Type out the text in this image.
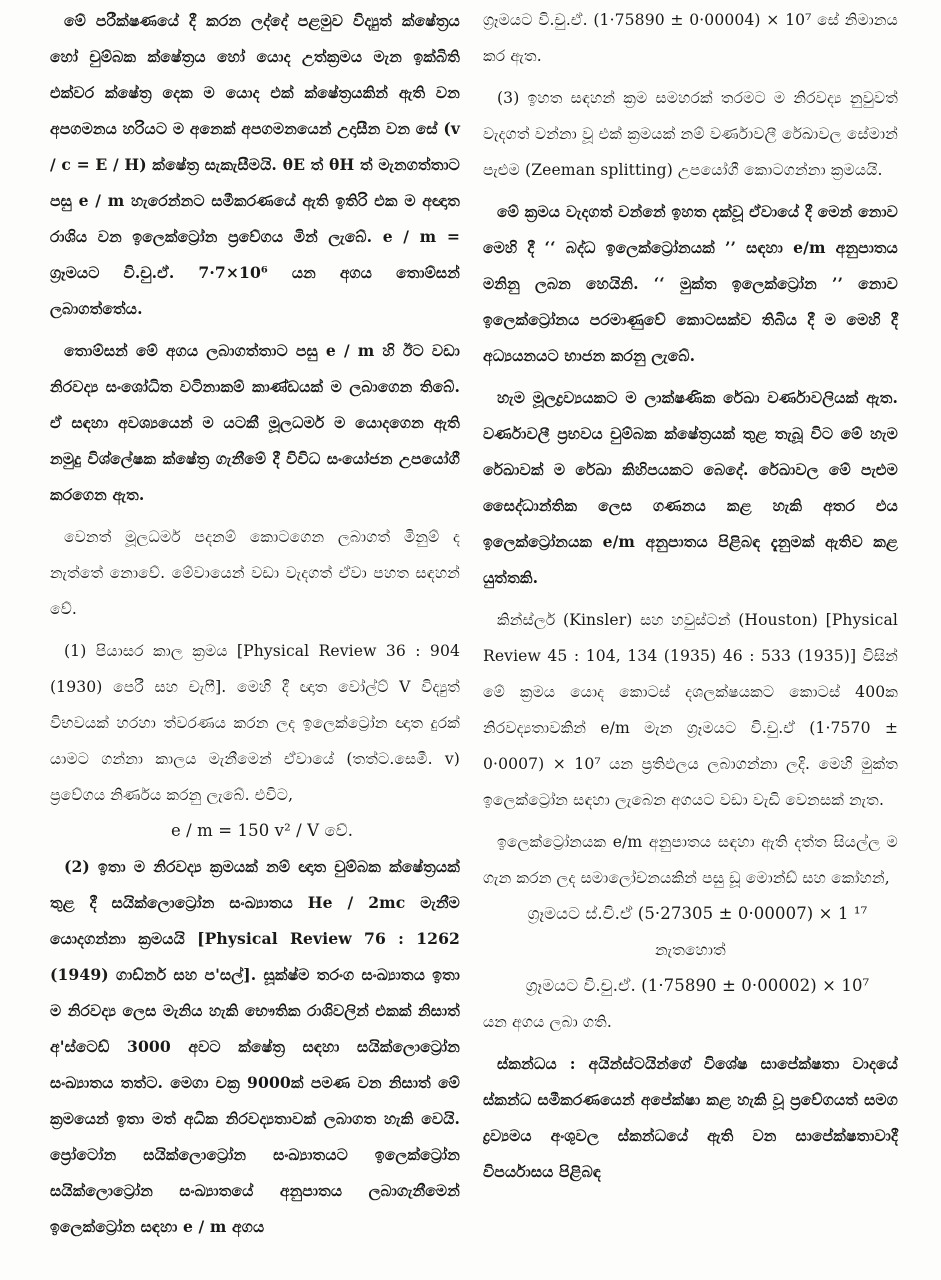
මේ පරීක්ෂණයේ දී කරන ලද්දේ පළමුව විද්‍යුත් ක්ෂේත්‍රය හෝ චුම්බක ක්ෂේත්‍රය හෝ යොද උත්ක්‍රමය මැන ඉක්බිති එක්වර ක්ෂේත්‍ර දෙක ම යොද එක් ක්ෂේත්‍රයකින් ඇති වන අපගමනය හරියට ම අනෙක් අපගමනයෙන් උදාසීන වන සේ (v / c = E / H) ක්ෂේත්‍ර සැකැසීමයි. θE ත් θH ත් මැනගත්තාට පසු e / m හැරෙන්නට සමීකරණයේ ඇති ඉතිරි එක ම අඥාත රාශිය වන ඉලෙක්ට්‍රෝන ප්‍රවේගය මින් ලැබේ. e / m = ග්‍රෑමයට වි.චු.ඒ. 7·7×10⁶ යන අගය තොම්සන් ලබාගත්තේය.

තොම්සන් මේ අගය ලබාගත්තාට පසු e / m හි ඊට වඩා නිරවද්‍ය සංශෝධිත වටිනාකම් කාණ්ඩයක් ම ලබාගෙන තිබේ. ඒ සඳහා අවශ්‍යයෙන් ම යටකී මූලධර්ම ම යොදගෙන ඇති නමුදු විශ්ලේෂක ක්ෂේත්‍ර ගැනීමේ දී විවිධ සංයෝජන උපයෝගී කරගෙන ඇත.

වෙනත් මූලධර්ම පදනම් කොටගෙන ලබාගත් මිනුම් ද නැත්තේ නොවේ. මේවායෙන් වඩා වැදගත් ඒවා පහත සඳහන් වේ.

(1) පියාසර කාල ක්‍රමය [Physical Review 36 : 904 (1930) පෙරී සහ චැෆී]. මෙහි දී ඥාත වෝල්ට් V විද්‍යුත් විභවයක් හරහා ත්වරණය කරන ලද ඉලෙක්ට්‍රෝන ඥාත දුරක් යාමට ගන්නා කාලය මැනීමෙන් ඒවායේ (තත්ට.සෙමී. v) ප්‍රවේගය නිර්ණය කරනු ලැබේ. එවිට,

e / m = 150 v² / V වේ.

(2) ඉතා ම නිරවද්‍ය ක්‍රමයක් නම් ඥාත චුම්බක ක්ෂේත්‍රයක් තුළ දී සයික්ලොට්‍රෝන සංඛ්‍යාතය He / 2mc මැනීම යොදගන්නා ක්‍රමයයි [Physical Review 76 : 1262 (1949) ගාඩ්නර් සහ ප'සල්]. සූක්ෂ්ම තරංග සංඛ්‍යාතය ඉතා ම නිරවද්‍ය ලෙස මැනිය හැකි භෞතික රාශිවලින් එකක් නිසාත් අ'ස්ටෙඩ් 3000 අවට ක්ෂේත්‍ර සඳහා සයික්ලොට්‍රෝන සංඛ්‍යාතය තත්ට. මෙගා චක්‍ර 9000ක් පමණ වන නිසාත් මේ ක්‍රමයෙන් ඉතා මත් අධික නිරවද්‍යතාවක් ලබාගත හැකි වෙයි. ප්‍රෝටෝන සයික්ලොට්‍රෝන සංඛ්‍යාතයට ඉලෙක්ට්‍රෝන සයික්ලොට්‍රෝන සංඛ්‍යාතයේ අනුපාතය ලබාගැනීමෙන් ඉලෙක්ට්‍රෝන සඳහා e / m අගය

ග්‍රෑමයට වි.චු.ඒ. (1·75890 ± 0·00004) × 10⁷ සේ නිමානය කර ඇත.

(3) ඉහත සඳහන් ක්‍රම සමහරක් තරමට ම නිරවද්‍ය නුවුවත් වැදගත් වන්නා වූ එක් ක්‍රමයක් නම් වර්ණාවලී රේඛාවල සේමාන් පැළුම (Zeeman splitting) උපයෝගී කොටගන්නා ක්‍රමයයි.

මේ ක්‍රමය වැදගත් වන්නේ ඉහත දක්වූ ඒවායේ දී මෙන් නොව මෙහි දී ‘‘ බද්ධ ඉලෙක්ට්‍රෝනයක් ’’ සඳහා e/m අනුපාතය මනිනු ලබන හෙයිනි. ‘‘ මුක්ත ඉලෙක්ට්‍රෝන ’’ නොව ඉලෙක්ට්‍රෝනය පරමාණුවේ කොටසක්ව තිබිය දී ම මෙහි දී අධ්‍යයනයට භාජන කරනු ලැබේ.

හැම මූලද්‍රව්‍යයකට ම ලාක්ෂණික රේඛා වර්ණාවලියක් ඇත. වර්ණාවලී ප්‍රභවය චුම්බක ක්ෂේත්‍රයක් තුළ තැබූ විට මේ හැම රේඛාවක් ම රේඛා කිහිපයකට බෙදේ. රේඛාවල මේ පැළුම සෛද්ධාන්තික ලෙස ගණනය කළ හැකි අතර එය ඉලෙක්ට්‍රෝනයක e/m අනුපාතය පිළිබඳ දැනුමක් ඇතිව කළ යුත්තකි.

කින්ස්ලර් (Kinsler) සහ හවුස්ටන් (Houston) [Physical Review 45 : 104, 134 (1935) 46 : 533 (1935)] විසින් මේ ක්‍රමය යොද කොටස් දශලක්ෂයකට කොටස් 400ක නිරවද්‍යතාවකින් e/m මැන ග්‍රෑමයට වි.චු.ඒ (1·7570 ± 0·0007) × 10⁷ යන ප්‍රතිඵලය ලබාගන්නා ලදි. මෙහි මුක්ත ඉලෙක්ට්‍රෝන සඳහා ලැබෙන අගයට වඩා වැඩි වෙනසක් නැත.

ඉලෙක්ට්‍රෝනයක e/m අනුපාතය සඳහා ඇති දත්ත සියල්ල ම ගැන කරන ලද සමාලෝචනයකින් පසු ඩූ මොන්ඩ් සහ කෝහන්,

ග්‍රෑමයට ස්.චි.ඒ (5·27305 ± 0·00007) × 1 ¹⁷

නැතහොත්

ග්‍රෑමයට වි.චු.ඒ. (1·75890 ± 0·00002) × 10⁷

යන අගය ලබා ගති.

ස්කන්ධය : අයින්ස්ටයින්ගේ විශේෂ සාපේක්ෂතා වාදයේ ස්කන්ධ සමීකරණයෙන් අපේක්ෂා කළ හැකි වූ ප්‍රවේගයත් සමග ද්‍රව්‍යමය අංශුවල ස්කන්ධයේ ඇති වන සාපේක්ෂතාවාදී විපර්යාසය පිළිබඳ
